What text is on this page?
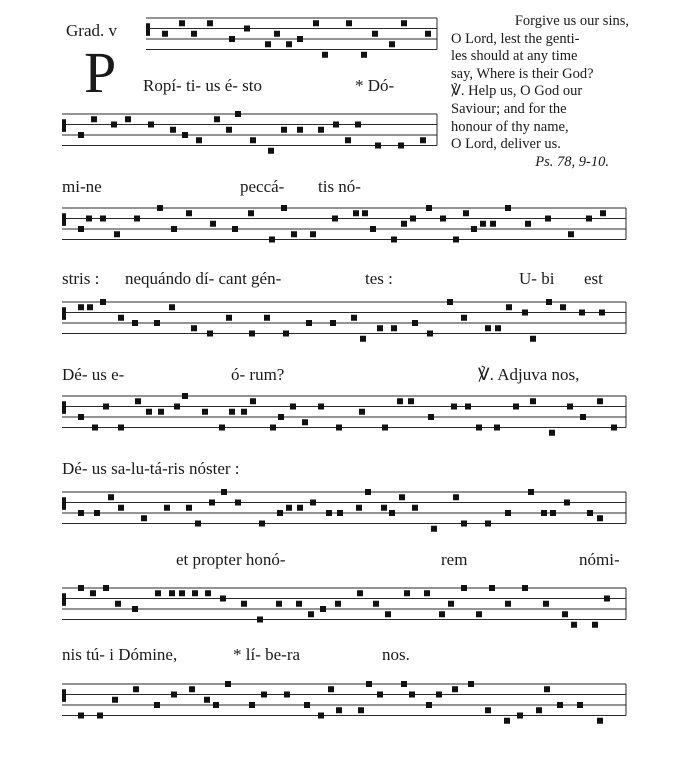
Grad. v
P
Forgive us our sins,
O Lord, lest the genti-
les should at any time
say, Where is their God?
℣. Help us, O God our
Saviour; and for the
honour of thy name,
O Lord, deliver us.
Ps. 78, 9-10.
Ropí- ti- us é- sto	* Dó-
mi-ne	peccá- tis nó-
stris : nequándo dí- cant gén-	tes :	U- bi est
Dé- us e-	ó- rum?	℣. Adjuva nos,
Dé- us sa-lu-tá-ris nóster :
et propter honó-	rem	nómi-
nis tú- i Dómine,	* lí- be-ra	nos.
